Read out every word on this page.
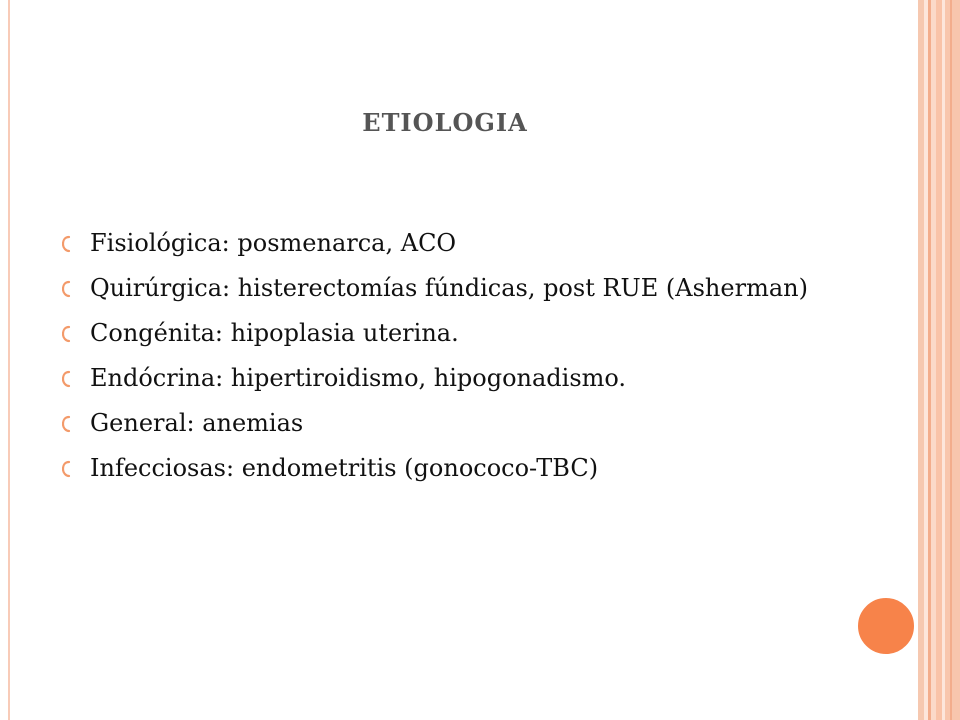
ETIOLOGIA
Fisiológica: posmenarca, ACO
Quirúrgica: histerectomías fúndicas, post RUE (Asherman)
Congénita: hipoplasia uterina.
Endócrina: hipertiroidismo, hipogonadismo.
General: anemias
Infecciosas: endometritis (gonococo-TBC)
